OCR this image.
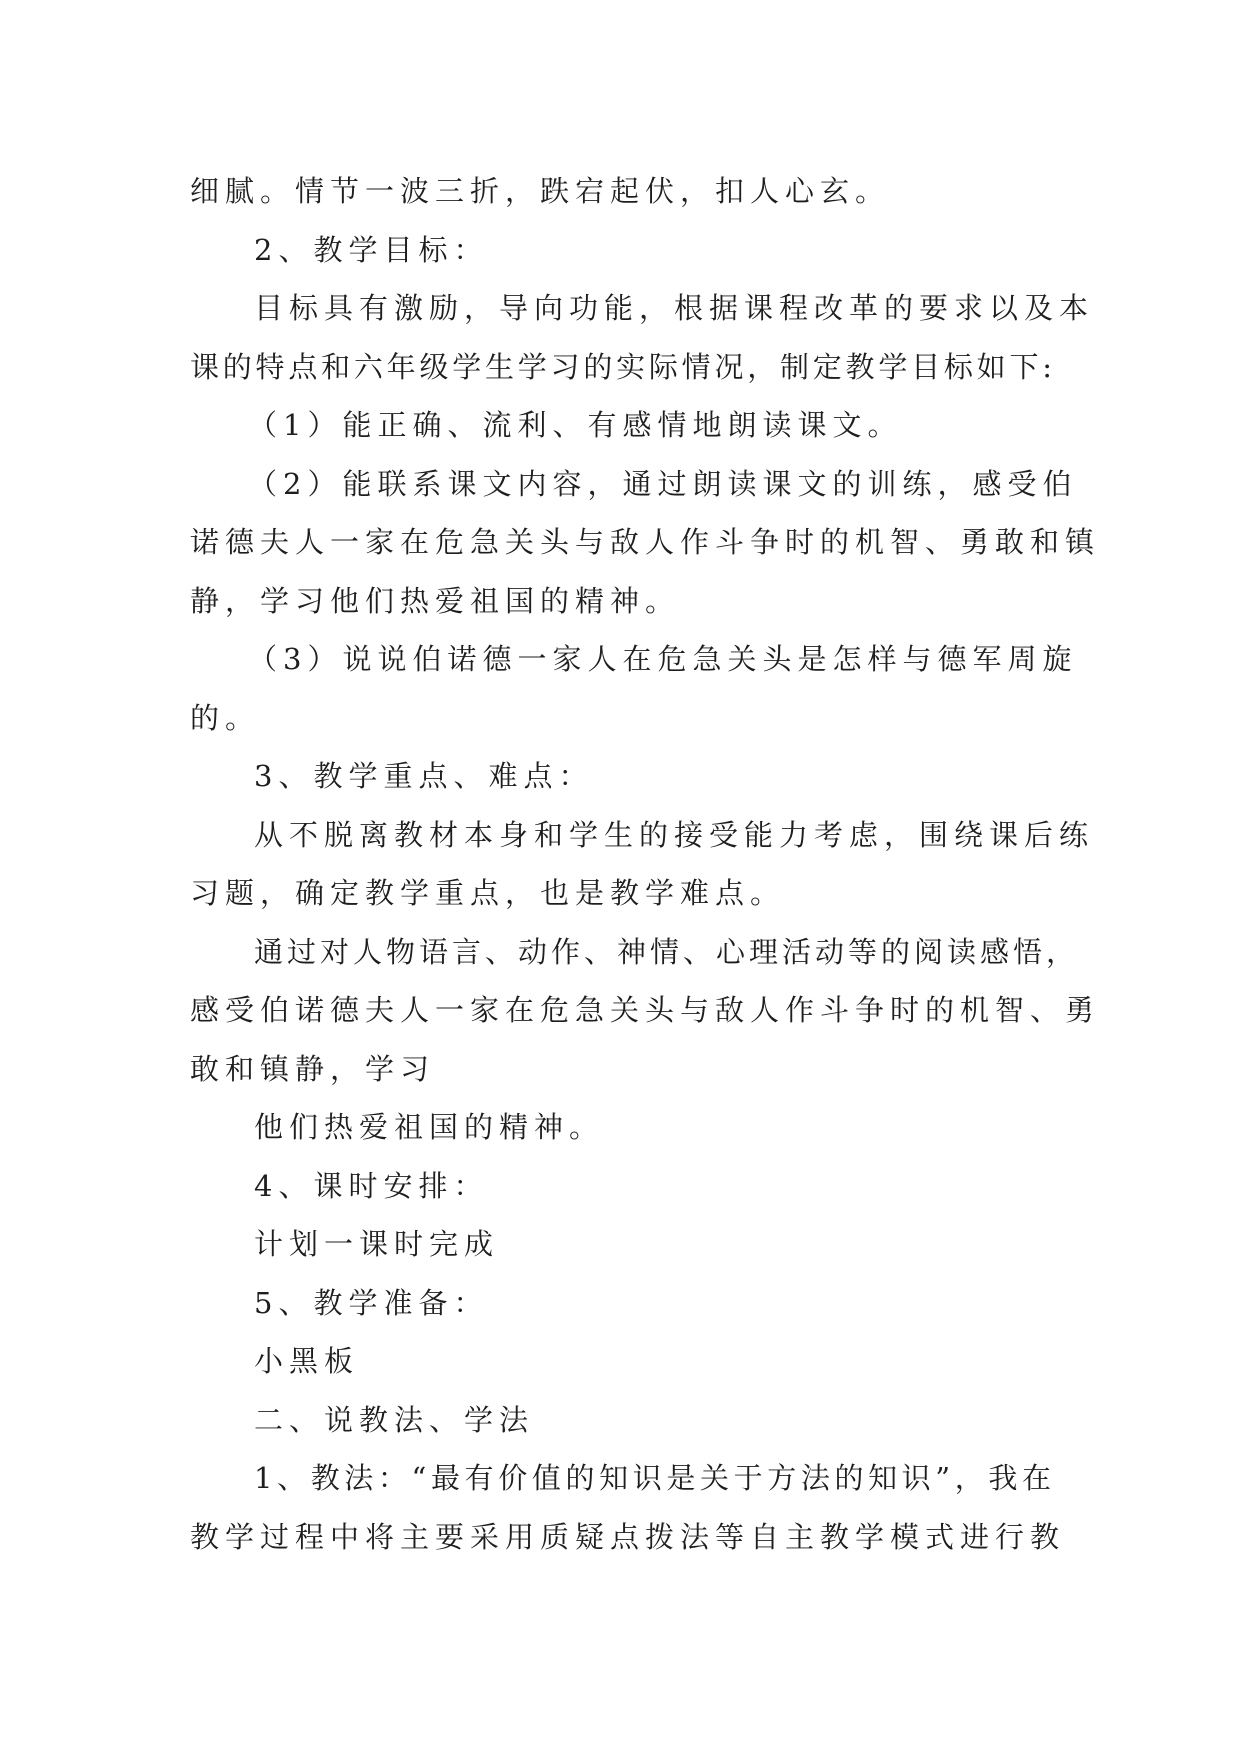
细腻。情节一波三折，跌宕起伏，扣人心玄。
2、教学目标：
目标具有激励，导向功能，根据课程改革的要求以及本
课的特点和六年级学生学习的实际情况，制定教学目标如下:
（1）能正确、流利、有感情地朗读课文。
（2）能联系课文内容，通过朗读课文的训练，感受伯
诺德夫人一家在危急关头与敌人作斗争时的机智、勇敢和镇
静，学习他们热爱祖国的精神。
（3）说说伯诺德一家人在危急关头是怎样与德军周旋
的。
3、教学重点、难点：
从不脱离教材本身和学生的接受能力考虑，围绕课后练
习题，确定教学重点，也是教学难点。
通过对人物语言、动作、神情、心理活动等的阅读感悟，
感受伯诺德夫人一家在危急关头与敌人作斗争时的机智、勇
敢和镇静，学习
他们热爱祖国的精神。
4、课时安排：
计划一课时完成
5、教学准备：
小黑板
二、说教法、学法
1、教法：“最有价值的知识是关于方法的知识”，我在
教学过程中将主要采用质疑点拨法等自主教学模式进行教
